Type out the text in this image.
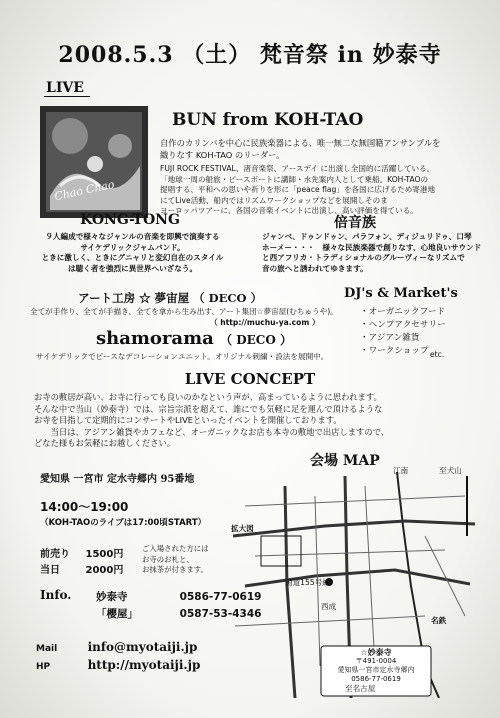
2008.5.3 （土） 梵音祭 in 妙泰寺
LIVE
Chao Chao
BUN from KOH-TAO
自作のカリンバを中心に民族楽器による、唯一無二な無国籍アンサンブルを
織りなす KOH-TAO のリーダー。
FUJI ROCK FESTIVAL、渚音楽祭、アースデイ に出演し全国的に活躍している。
「地球一周の船旅・ピースボートに講師・水先案内人として乗船。KOH-TAOの
提唱する、平和への思いや祈りを形に「peace flag」を各国に広げるため寄港地
にてLive活動、船内ではリズムワークショップなどを展開しそのま
ヨーロッパツアーに、各国の音楽イベントに出演し、高い評価を得ている。
KONG-TONG
９人編成で様々なジャンルの音楽を即興で演奏する
サイケデリックジャムバンド。
ときに激しく、ときにグニャリと変幻自在のスタイル
は聴く者を強烈に異世界へいざなう。
倍音族
ジャンベ、ドゥンドゥン、パラフォン、ディジュリドゥ、口琴
ホーメー・・・　様々な民族楽器で創りなす、心地良いサウンド
と西アフリカ・トラディショナルのグルーヴィーなリズムで
音の旅へと誘われてゆきます。
アート工房 ☆ 夢宙屋 （ DECO ）
全てが手作り、全てが手描き、全てを拿から生み出す、アート集団☆夢宙屋(むちゅうや)。
（ http://muchu-ya.com ）
shamorama （ DECO ）
サイケデリックでピースなデコレーションユニット。オリジナル刺繍・設法を展開中。
DJ's & Market's
・オーガニックフード
・ヘンプアクセサリー
・アジアン雑貨
・ワークショップ etc.
LIVE CONCEPT
お寺の敷居が高い、お寺に行っても良いのかなという声が、高まっているように思われます。
そんな中で当山（妙泰寺）では、宗旨宗派を超えて、誰にでも気軽に足を運んで頂けるような
お寺を目指して定期的にコンサートやLIVEといったイベントを開催しております。
　　当日は、アジアン雑貨やカフェなど、オーガニックなお店も本寺の敷地で出店しますので、
どなた様もお気軽にお越しください。
愛知県 一宮市 定水寺郷内 95番地
14:00～19:00
（KOH-TAOのライブは17:00頃START）
前売り 1500円
当日	2000円
ご入場された方には
お寺のお札と、
お抹茶が付きます。
Info. 妙泰寺	0586-77-0619
「櫻屋」	0587-53-4346
Mail	info@myotaiji.jp
HP	http://myotaiji.jp
会場 MAP
江南	至犬山
拡大図
国道155号線
西成
名鉄
至名古屋
☆妙泰寺
〒491-0004
愛知県一宮市定水寺郷内
0586-77-0619
